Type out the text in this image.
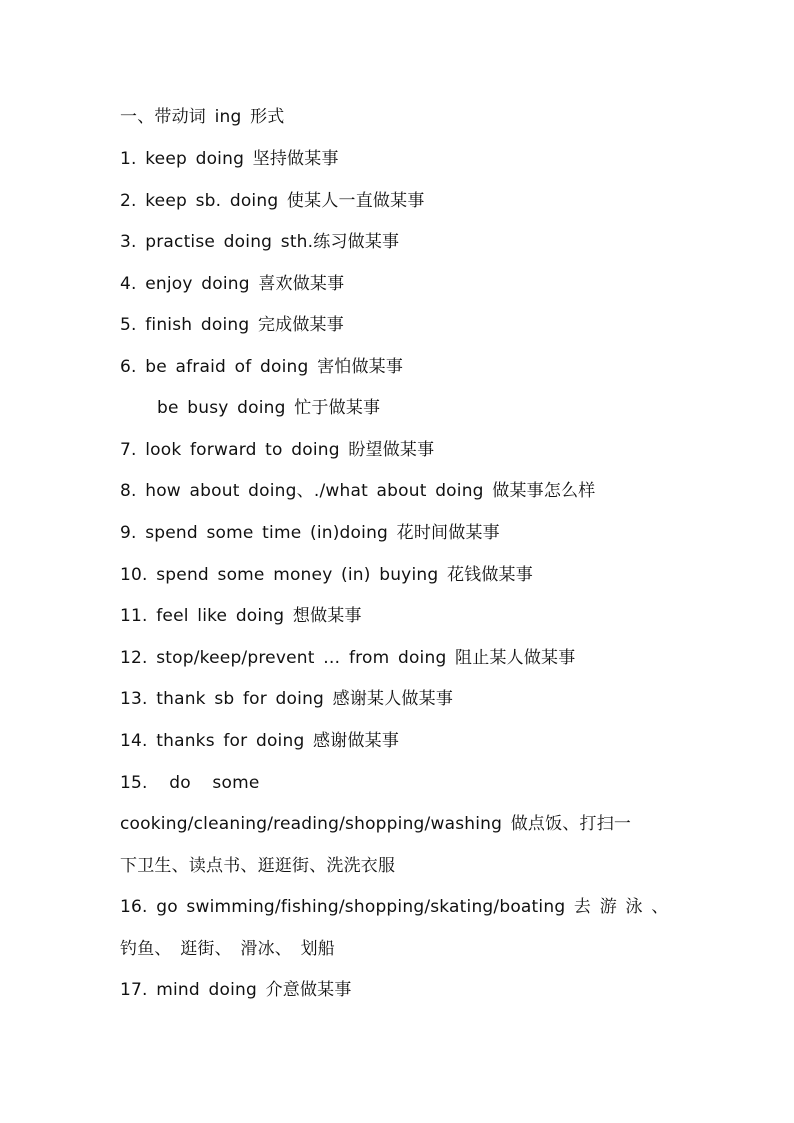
一、带动词 ing 形式
1. keep doing 坚持做某事
2. keep sb. doing 使某人一直做某事
3. practise doing sth.练习做某事
4. enjoy doing 喜欢做某事
5. finish doing 完成做某事
6. be afraid of doing 害怕做某事
be busy doing 忙于做某事
7. look forward to doing 盼望做某事
8. how about doing、./what about doing 做某事怎么样
9. spend some time (in)doing 花时间做某事
10. spend some money (in) buying 花钱做某事
11. feel like doing 想做某事
12. stop/keep/prevent … from doing 阻止某人做某事
13. thank sb for doing 感谢某人做某事
14. thanks for doing 感谢做某事
15. do some
cooking/cleaning/reading/shopping/washing 做点饭、打扫一
下卫生、读点书、逛逛街、洗洗衣服
16. go swimming/fishing/shopping/skating/boating 去 游 泳 、
钓鱼、 逛街、 滑冰、 划船
17. mind doing 介意做某事
